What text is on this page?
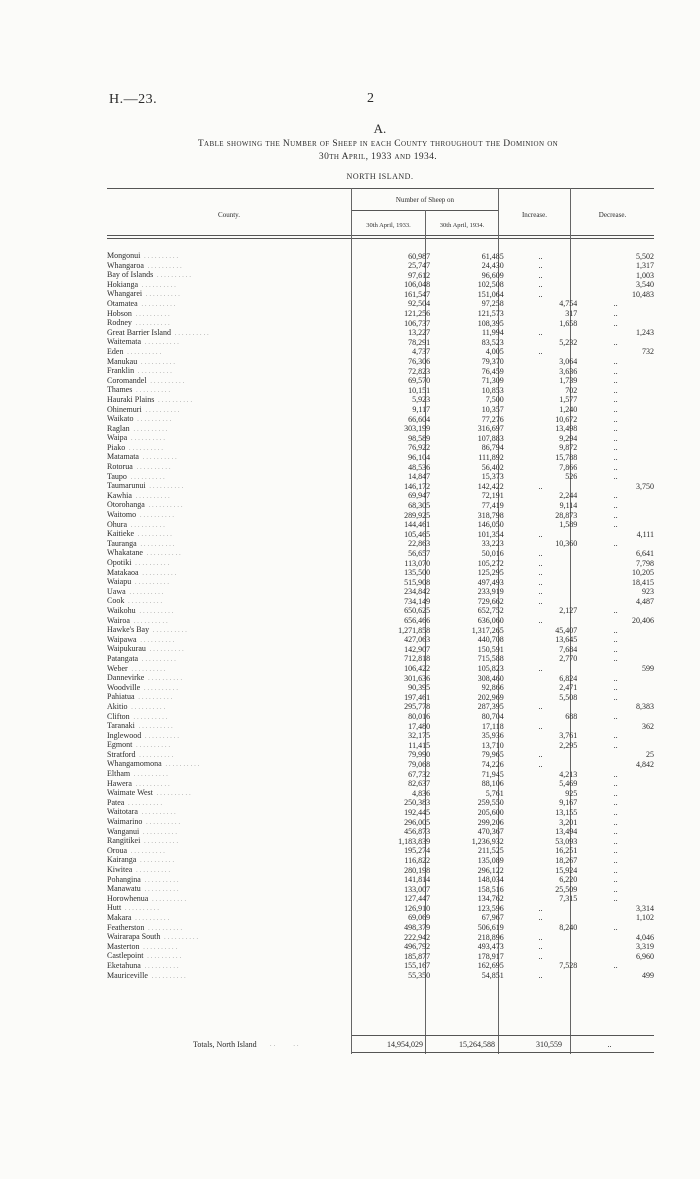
H.—23.	2
A.
Table showing the Number of Sheep in each County throughout the Dominion on
30th April, 1933 and 1934.
NORTH ISLAND.
County.
Number of Sheep on
30th April, 1933.	30th April, 1934.
Increase.	Decrease.
Mongonui . . . . . . . . . .	60,987	61,485	..	5,502
Whangaroa . . . . . . . . . .	25,747	24,430	..	1,317
Bay of Islands . . . . . . . . . .	97,612	96,609	..	1,003
Hokianga . . . . . . . . . .	106,048	102,508	..	3,540
Whangarei . . . . . . . . . .	161,547	151,064	..	10,483
Otamatea . . . . . . . . . .	92,504	97,258	4,754	..
Hobson . . . . . . . . . .	121,256	121,573	317	..
Rodney . . . . . . . . . .	106,737	108,395	1,658	..
Great Barrier Island . . . . . . . . . .	13,227	11,994	..	1,243
Waitemata . . . . . . . . . .	78,291	83,523	5,232	..
Eden . . . . . . . . . .	4,737	4,005	..	732
Manukau . . . . . . . . . .	76,306	79,370	3,064	..
Franklin . . . . . . . . . .	72,823	76,459	3,636	..
Coromandel . . . . . . . . . .	69,570	71,309	1,739	..
Thames . . . . . . . . . .	10,151	10,853	702	..
Hauraki Plains . . . . . . . . . .	5,923	7,500	1,577	..
Ohinemuri . . . . . . . . . .	9,117	10,357	1,240	..
Waikato . . . . . . . . . .	66,604	77,276	10,672	..
Raglan . . . . . . . . . .	303,199	316,697	13,498	..
Waipa . . . . . . . . . .	98,589	107,883	9,294	..
Piako . . . . . . . . . .	76,922	86,794	9,872	..
Matamata . . . . . . . . . .	96,104	111,892	15,788	..
Rotorua . . . . . . . . . .	48,536	56,402	7,866	..
Taupo . . . . . . . . . .	14,847	15,373	526	..
Taumarunui . . . . . . . . . .	146,172	142,422	..	3,750
Kawhia . . . . . . . . . .	69,947	72,191	2,244	..
Otorohanga . . . . . . . . . .	68,305	77,419	9,114	..
Waitomo . . . . . . . . . .	289,925	318,798	28,873	..
Ohura . . . . . . . . . .	144,461	146,050	1,589	..
Kaitieke . . . . . . . . . .	105,465	101,354	..	4,111
Tauranga . . . . . . . . . .	22,863	33,223	10,360	..
Whakatane . . . . . . . . . .	56,657	50,016	..	6,641
Opotiki . . . . . . . . . .	113,070	105,272	..	7,798
Matakaoa . . . . . . . . . .	135,500	125,295	..	10,205
Waiapu . . . . . . . . . .	515,908	497,493	..	18,415
Uawa . . . . . . . . . .	234,842	233,919	..	923
Cook . . . . . . . . . .	734,149	729,662	..	4,487
Waikohu . . . . . . . . . .	650,625	652,752	2,127	..
Wairoa . . . . . . . . . .	656,466	636,060	..	20,406
Hawke's Bay . . . . . . . . . .	1,271,858	1,317,265	45,407	..
Waipawa . . . . . . . . . .	427,063	440,708	13,645	..
Waipukurau . . . . . . . . . .	142,907	150,591	7,684	..
Patangata . . . . . . . . . .	712,818	715,588	2,770	..
Weber . . . . . . . . . .	106,422	105,823	..	599
Dannevirke . . . . . . . . . .	301,636	308,460	6,824	..
Woodville . . . . . . . . . .	90,395	92,866	2,471	..
Pahiatua . . . . . . . . . .	197,461	202,969	5,508	..
Akitio . . . . . . . . . .	295,778	287,395	..	8,383
Clifton . . . . . . . . . .	80,016	80,704	688	..
Taranaki . . . . . . . . . .	17,480	17,118	..	362
Inglewood . . . . . . . . . .	32,175	35,936	3,761	..
Egmont . . . . . . . . . .	11,415	13,710	2,295	..
Stratford . . . . . . . . . .	79,990	79,965	..	25
Whangamomona . . . . . . . . . .	79,068	74,226	..	4,842
Eltham . . . . . . . . . .	67,732	71,945	4,213	..
Hawera . . . . . . . . . .	82,637	88,106	5,469	..
Waimate West . . . . . . . . . .	4,836	5,761	925	..
Patea . . . . . . . . . .	250,383	259,550	9,167	..
Waitotara . . . . . . . . . .	192,445	205,600	13,155	..
Waimarino . . . . . . . . . .	296,005	299,206	3,201	..
Wanganui . . . . . . . . . .	456,873	470,367	13,494	..
Rangitikei . . . . . . . . . .	1,183,839	1,236,932	53,093	..
Oroua . . . . . . . . . .	195,274	211,525	16,251	..
Kairanga . . . . . . . . . .	116,822	135,089	18,267	..
Kiwitea . . . . . . . . . .	280,198	296,122	15,924	..
Pohangina . . . . . . . . . .	141,814	148,034	6,220	..
Manawatu . . . . . . . . . .	133,007	158,516	25,509	..
Horowhenua . . . . . . . . . .	127,447	134,762	7,315	..
Hutt . . . . . . . . . .	126,910	123,596	..	3,314
Makara . . . . . . . . . .	69,069	67,967	..	1,102
Featherston . . . . . . . . . .	498,379	506,619	8,240	..
Wairarapa South . . . . . . . . . .	222,942	218,896	..	4,046
Masterton . . . . . . . . . .	496,792	493,473	..	3,319
Castlepoint . . . . . . . . . .	185,877	178,917	..	6,960
Eketahuna . . . . . . . . . .	155,167	162,695	7,528	..
Mauriceville . . . . . . . . . .	55,350	54,851	..	499
Totals, North Island . .          . .	14,954,029	15,264,588	310,559	..
